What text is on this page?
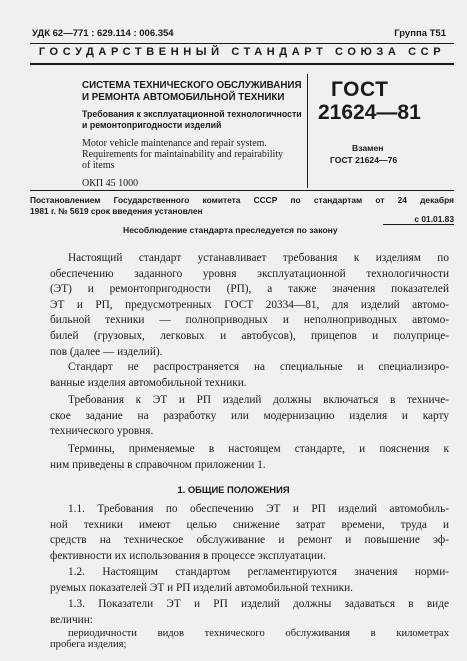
УДК 62—771 : 629.114 : 006.354	Группа Т51
ГОСУДАРСТВЕННЫЙ СТАНДАРТ СОЮЗА ССР
СИСТЕМА ТЕХНИЧЕСКОГО ОБСЛУЖИВАНИЯ
И РЕМОНТА АВТОМОБИЛЬНОЙ ТЕХНИКИ
Требования к эксплуатационной технологичности
и ремонтопригодности изделий
Motor vehicle maintenance and repair system.
Requirements for maintainability and repairability
of items
ОКП 45 1000
ГОСТ
21624—81
Взамен
ГОСТ 21624—76
Постановлением Государственного комитета СССР по стандартам от 24 декабря
1981 г. № 5619 срок введения установлен
с 01.01.83
Несоблюдение стандарта преследуется по закону
Настоящий стандарт устанавливает требования к изделиям по
обеспечению заданного уровня эксплуатационной технологичности
(ЭТ) и ремонтопригодности (РП), а также значения показателей
ЭТ и РП, предусмотренных ГОСТ 20334—81, для изделий автомо-
бильной техники — полноприводных и неполноприводных автомо-
билей (грузовых, легковых и автобусов), прицепов и полуприце-
пов (далее — изделий).
Стандарт не распространяется на специальные и специализиро-
ванные изделия автомобильной техники.
Требования к ЭТ и РП изделий должны включаться в техниче-
ское задание на разработку или модернизацию изделия и карту
технического уровня.
Термины, применяемые в настоящем стандарте, и пояснения к
ним приведены в справочном приложении 1.
1. ОБЩИЕ ПОЛОЖЕНИЯ
1.1. Требования по обеспечению ЭТ и РП изделий автомобиль-
ной техники имеют целью снижение затрат времени, труда и
средств на техническое обслуживание и ремонт и повышение эф-
фективности их использования в процессе эксплуатации.
1.2. Настоящим стандартом регламентируются значения норми-
руемых показателей ЭТ и РП изделий автомобильной техники.
1.3. Показатели ЭТ и РП изделий должны задаваться в виде
величин:
периодичности видов технического обслуживания в километрах
пробега изделия;
